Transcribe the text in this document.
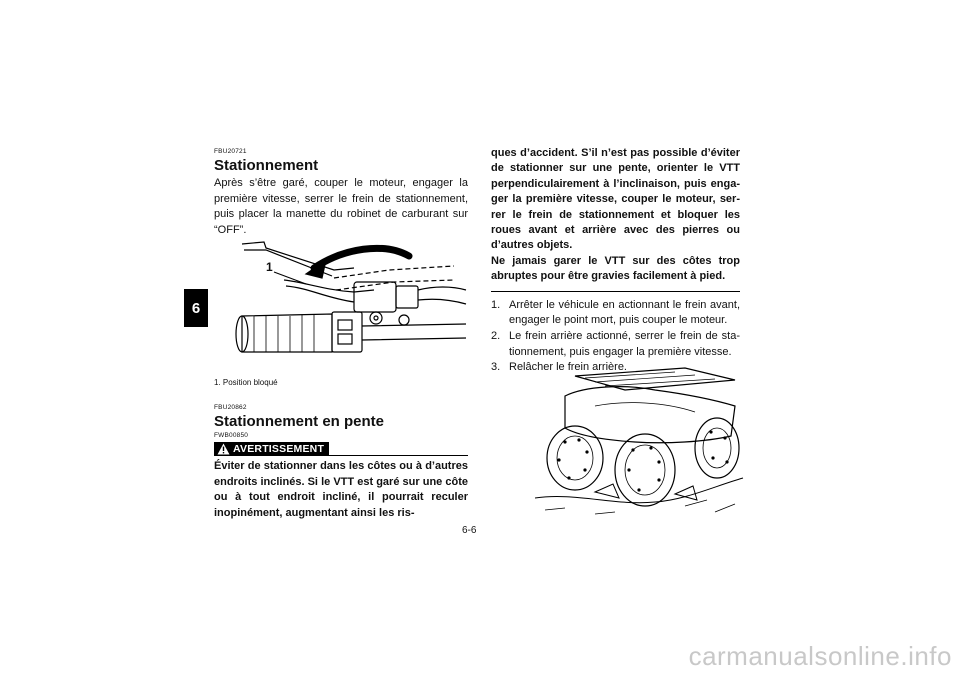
6
FBU20721
Stationnement

Après s’être garé, couper le moteur, engager la première vitesse, serrer le frein de stationnement, puis placer la manette du robinet de carburant sur “OFF”.

1
1. Position bloqué
FBU20862
Stationnement en pente
FWB00850
AVERTISSEMENT

Éviter de stationner dans les côtes ou à d’autres endroits inclinés. Si le VTT est garé sur une côte ou à tout endroit incliné, il pourrait reculer inopinément, augmentant ainsi les ris-

ques d’accident. S’il n’est pas possible d’éviter de stationner sur une pente, orienter le VTT perpendiculairement à l’inclinaison, puis enga-ger la première vitesse, couper le moteur, ser-rer le frein de stationnement et bloquer les roues avant et arrière avec des pierres ou d’autres objets.

Ne jamais garer le VTT sur des côtes trop abruptes pour être gravies facilement à pied.

1. Arrêter le véhicule en actionnant le frein avant, engager le point mort, puis couper le moteur.
2. Le frein arrière actionné, serrer le frein de sta-tionnement, puis engager la première vitesse.
3. Relâcher le frein arrière.
6-6
carmanualsonline.info
